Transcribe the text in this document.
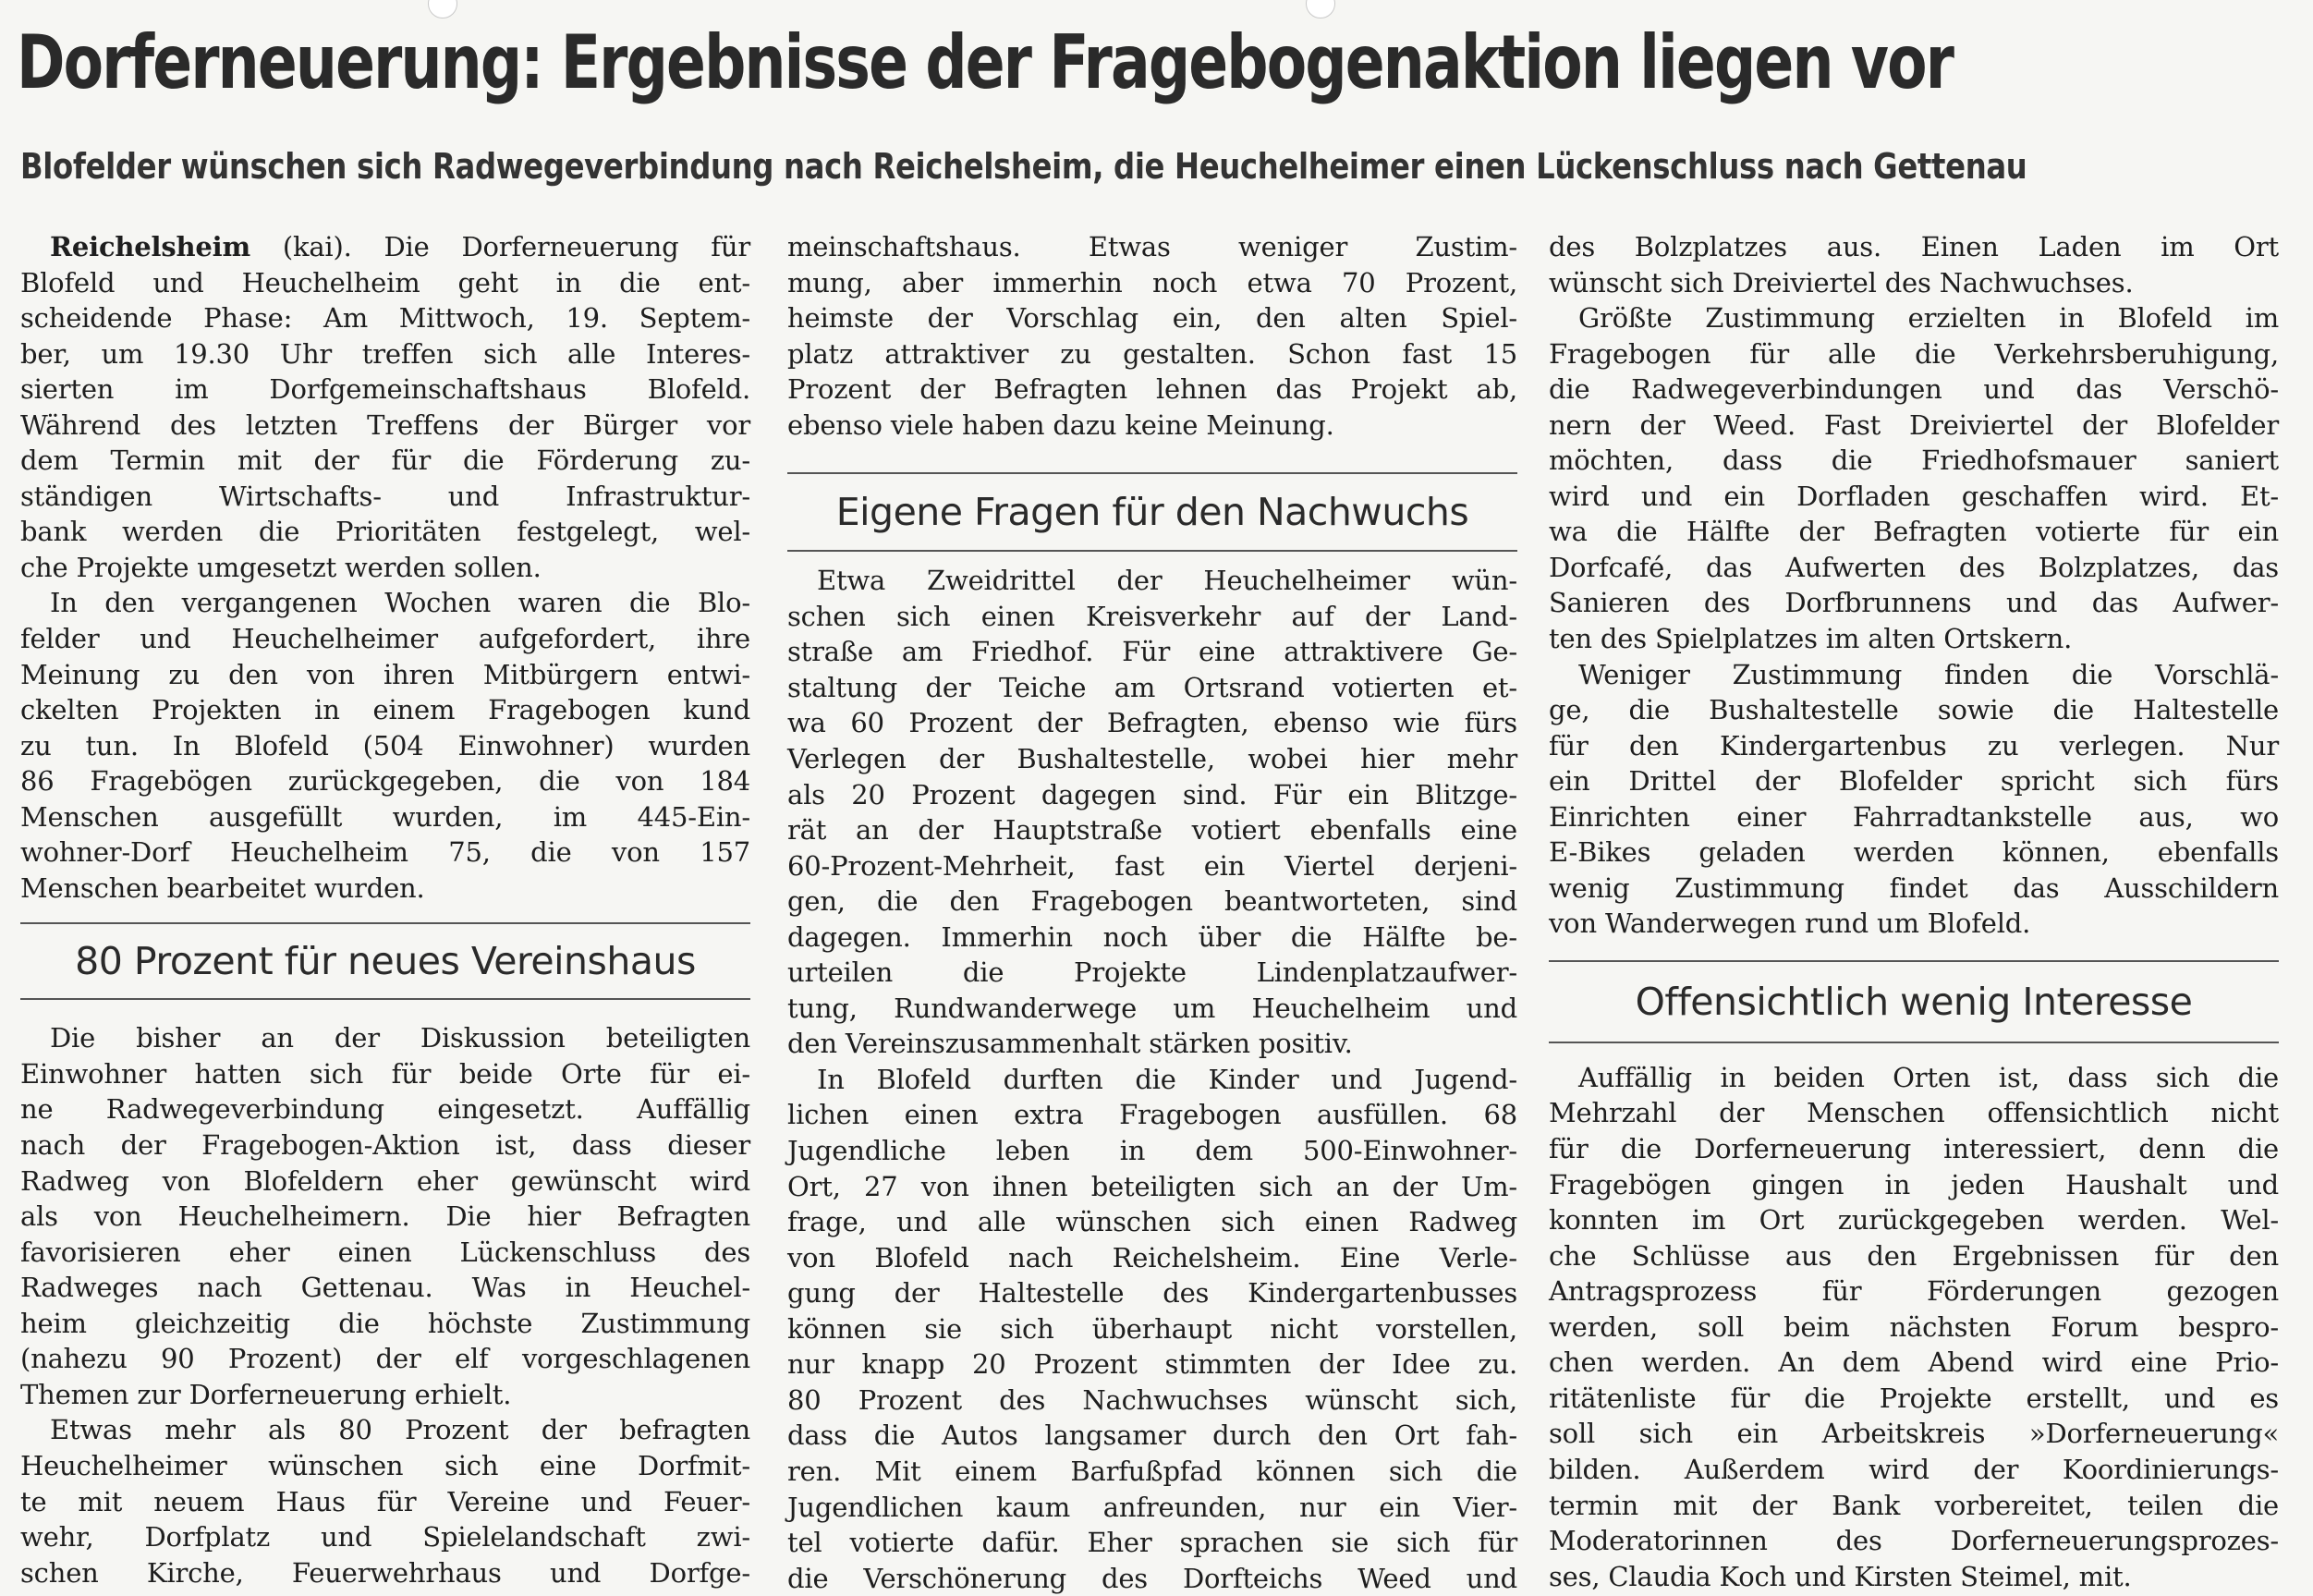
Dorferneuerung: Ergebnisse der Fragebogenaktion liegen vor
Blofelder wünschen sich Radwegeverbindung nach Reichelsheim, die Heuchelheimer einen Lückenschluss nach Gettenau
Reichelsheim (kai). Die Dorferneuerung für
Blofeld und Heuchelheim geht in die ent-
scheidende Phase: Am Mittwoch, 19. Septem-
ber, um 19.30 Uhr treffen sich alle Interes-
sierten im Dorfgemeinschaftshaus Blofeld.
Während des letzten Treffens der Bürger vor
dem Termin mit der für die Förderung zu-
ständigen Wirtschafts- und Infrastruktur-
bank werden die Prioritäten festgelegt, wel-
che Projekte umgesetzt werden sollen.
In den vergangenen Wochen waren die Blo-
felder und Heuchelheimer aufgefordert, ihre
Meinung zu den von ihren Mitbürgern entwi-
ckelten Projekten in einem Fragebogen kund
zu tun. In Blofeld (504 Einwohner) wurden
86 Fragebögen zurückgegeben, die von 184
Menschen ausgefüllt wurden, im 445-Ein-
wohner-Dorf Heuchelheim 75, die von 157
Menschen bearbeitet wurden.
80 Prozent für neues Vereinshaus
Die bisher an der Diskussion beteiligten
Einwohner hatten sich für beide Orte für ei-
ne Radwegeverbindung eingesetzt. Auffällig
nach der Fragebogen-Aktion ist, dass dieser
Radweg von Blofeldern eher gewünscht wird
als von Heuchelheimern. Die hier Befragten
favorisieren eher einen Lückenschluss des
Radweges nach Gettenau. Was in Heuchel-
heim gleichzeitig die höchste Zustimmung
(nahezu 90 Prozent) der elf vorgeschlagenen
Themen zur Dorferneuerung erhielt.
Etwas mehr als 80 Prozent der befragten
Heuchelheimer wünschen sich eine Dorfmit-
te mit neuem Haus für Vereine und Feuer-
wehr, Dorfplatz und Spielelandschaft zwi-
schen Kirche, Feuerwehrhaus und Dorfge-
meinschaftshaus. Etwas weniger Zustim-
mung, aber immerhin noch etwa 70 Prozent,
heimste der Vorschlag ein, den alten Spiel-
platz attraktiver zu gestalten. Schon fast 15
Prozent der Befragten lehnen das Projekt ab,
ebenso viele haben dazu keine Meinung.
Eigene Fragen für den Nachwuchs
Etwa Zweidrittel der Heuchelheimer wün-
schen sich einen Kreisverkehr auf der Land-
straße am Friedhof. Für eine attraktivere Ge-
staltung der Teiche am Ortsrand votierten et-
wa 60 Prozent der Befragten, ebenso wie fürs
Verlegen der Bushaltestelle, wobei hier mehr
als 20 Prozent dagegen sind. Für ein Blitzge-
rät an der Hauptstraße votiert ebenfalls eine
60-Prozent-Mehrheit, fast ein Viertel derjeni-
gen, die den Fragebogen beantworteten, sind
dagegen. Immerhin noch über die Hälfte be-
urteilen die Projekte Lindenplatzaufwer-
tung, Rundwanderwege um Heuchelheim und
den Vereinszusammenhalt stärken positiv.
In Blofeld durften die Kinder und Jugend-
lichen einen extra Fragebogen ausfüllen. 68
Jugendliche leben in dem 500-Einwohner-
Ort, 27 von ihnen beteiligten sich an der Um-
frage, und alle wünschen sich einen Radweg
von Blofeld nach Reichelsheim. Eine Verle-
gung der Haltestelle des Kindergartenbusses
können sie sich überhaupt nicht vorstellen,
nur knapp 20 Prozent stimmten der Idee zu.
80 Prozent des Nachwuchses wünscht sich,
dass die Autos langsamer durch den Ort fah-
ren. Mit einem Barfußpfad können sich die
Jugendlichen kaum anfreunden, nur ein Vier-
tel votierte dafür. Eher sprachen sie sich für
die Verschönerung des Dorfteichs Weed und
des Bolzplatzes aus. Einen Laden im Ort
wünscht sich Dreiviertel des Nachwuchses.
Größte Zustimmung erzielten in Blofeld im
Fragebogen für alle die Verkehrsberuhigung,
die Radwegeverbindungen und das Verschö-
nern der Weed. Fast Dreiviertel der Blofelder
möchten, dass die Friedhofsmauer saniert
wird und ein Dorfladen geschaffen wird. Et-
wa die Hälfte der Befragten votierte für ein
Dorfcafé, das Aufwerten des Bolzplatzes, das
Sanieren des Dorfbrunnens und das Aufwer-
ten des Spielplatzes im alten Ortskern.
Weniger Zustimmung finden die Vorschlä-
ge, die Bushaltestelle sowie die Haltestelle
für den Kindergartenbus zu verlegen. Nur
ein Drittel der Blofelder spricht sich fürs
Einrichten einer Fahrradtankstelle aus, wo
E-Bikes geladen werden können, ebenfalls
wenig Zustimmung findet das Ausschildern
von Wanderwegen rund um Blofeld.
Offensichtlich wenig Interesse
Auffällig in beiden Orten ist, dass sich die
Mehrzahl der Menschen offensichtlich nicht
für die Dorferneuerung interessiert, denn die
Fragebögen gingen in jeden Haushalt und
konnten im Ort zurückgegeben werden. Wel-
che Schlüsse aus den Ergebnissen für den
Antragsprozess für Förderungen gezogen
werden, soll beim nächsten Forum bespro-
chen werden. An dem Abend wird eine Prio-
ritätenliste für die Projekte erstellt, und es
soll sich ein Arbeitskreis »Dorferneuerung«
bilden. Außerdem wird der Koordinierungs-
termin mit der Bank vorbereitet, teilen die
Moderatorinnen des Dorferneuerungsprozes-
ses, Claudia Koch und Kirsten Steimel, mit.
